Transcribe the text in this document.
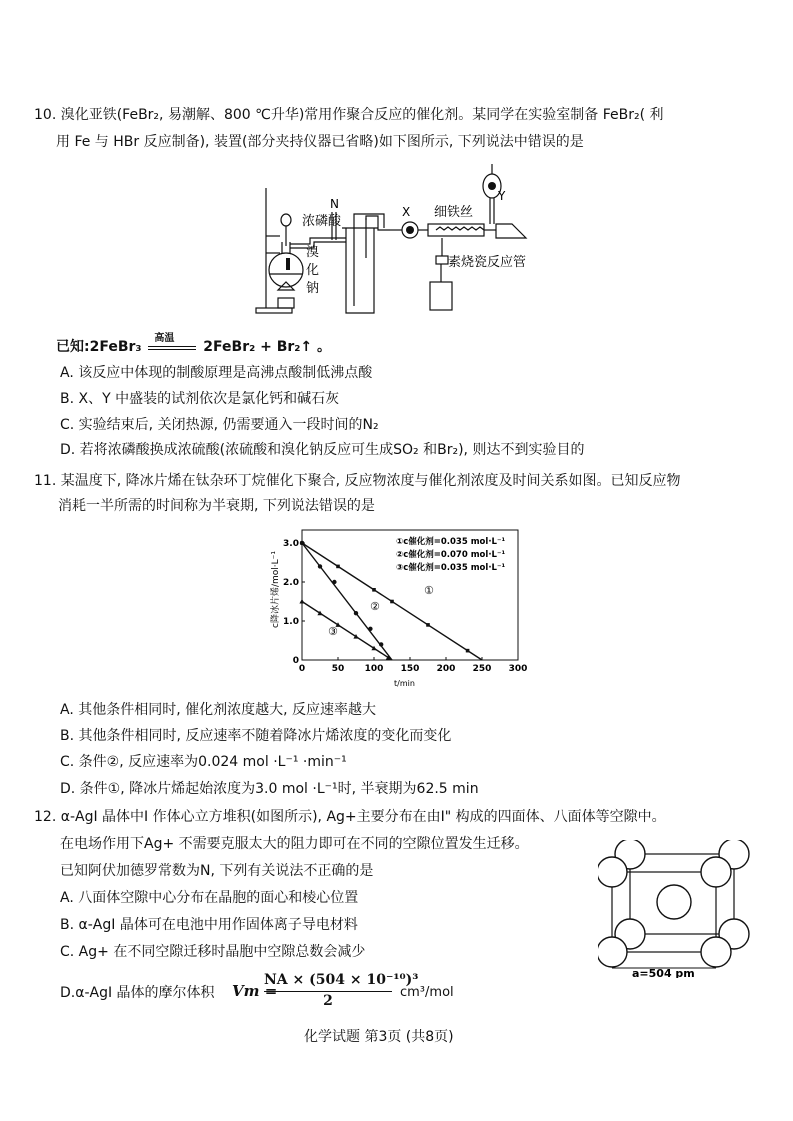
10. 溴化亚铁(FeBr₂, 易潮解、800 ℃升华)常用作聚合反应的催化剂。某同学在实验室制备 FeBr₂( 利
用 Fe 与 HBr 反应制备), 装置(部分夹持仪器已省略)如下图所示, 下列说法中错误的是
浓磷酸
溴
化
钠
N
X
Y
细铁丝
素烧瓷反应管
已知:2FeBr₃
高温
2FeBr₂ + Br₂↑ 。
A. 该反应中体现的制酸原理是高沸点酸制低沸点酸
B. X、Y 中盛装的试剂依次是氯化钙和碱石灰
C. 实验结束后, 关闭热源, 仍需要通入一段时间的N₂
D. 若将浓磷酸换成浓硫酸(浓硫酸和溴化钠反应可生成SO₂ 和Br₂), 则达不到实验目的
11. 某温度下, 降冰片烯在钛杂环丁烷催化下聚合, 反应物浓度与催化剂浓度及时间关系如图。已知反应物
消耗一半所需的时间称为半衰期, 下列说法错误的是
0	50 100 150 200 250 300
0
1.0
2.0
3.0
t/min
c降冰片烯/mol·L⁻¹
①c催化剂=0.035 mol·L⁻¹
②c催化剂=0.070 mol·L⁻¹
③c催化剂=0.035 mol·L⁻¹
①
②
③
A. 其他条件相同时, 催化剂浓度越大, 反应速率越大
B. 其他条件相同时, 反应速率不随着降冰片烯浓度的变化而变化
C. 条件②, 反应速率为0.024 mol ·L⁻¹ ·min⁻¹
D. 条件①, 降冰片烯起始浓度为3.0 mol ·L⁻¹时, 半衰期为62.5 min
12. α-AgI 晶体中I 作体心立方堆积(如图所示), Ag+主要分布在由I" 构成的四面体、八面体等空隙中。
在电场作用下Ag+ 不需要克服太大的阻力即可在不同的空隙位置发生迁移。
已知阿伏加德罗常数为N, 下列有关说法不正确的是
A. 八面体空隙中心分布在晶胞的面心和棱心位置
B. α-AgI 晶体可在电池中用作固体离子导电材料
C. Ag+ 在不同空隙迁移时晶胞中空隙总数会减少
D.α-AgI 晶体的摩尔体积 Vm =
NA × (504 × 10⁻¹⁰)³
2
cm³/mol
a=504 pm
化学试题 第3页 (共8页)
